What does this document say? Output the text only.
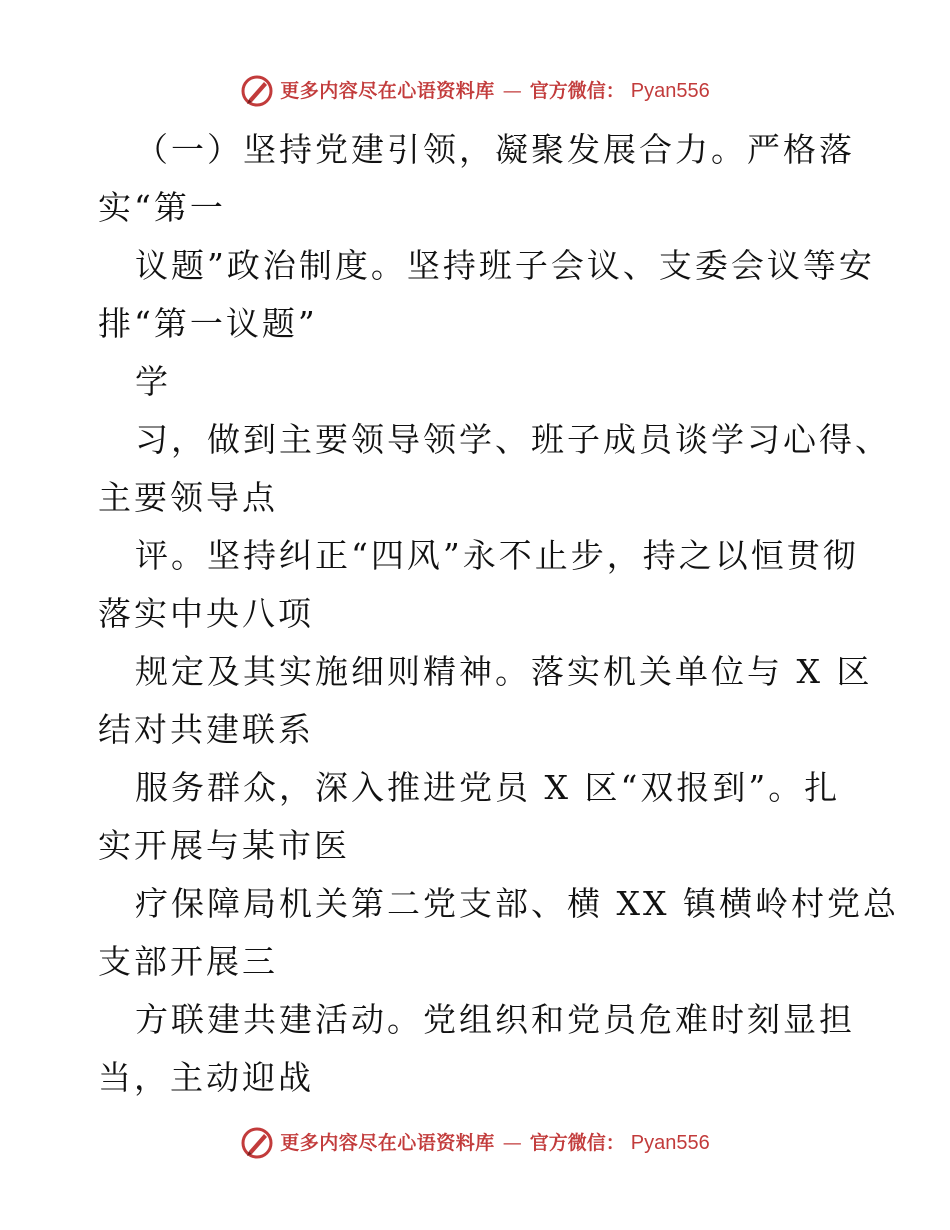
更多内容尽在心语资料库 — 官方微信： Pyan556
（一）坚持党建引领，凝聚发展合力。严格落
实“第一
议题”政治制度。坚持班子会议、支委会议等安
排“第一议题”
学
习，做到主要领导领学、班子成员谈学习心得、
主要领导点
评。坚持纠正“四风”永不止步，持之以恒贯彻
落实中央八项
规定及其实施细则精神。落实机关单位与 X 区
结对共建联系
服务群众，深入推进党员 X 区“双报到”。扎
实开展与某市医
疗保障局机关第二党支部、横 XX 镇横岭村党总
支部开展三
方联建共建活动。党组织和党员危难时刻显担
当，主动迎战
更多内容尽在心语资料库 — 官方微信： Pyan556
